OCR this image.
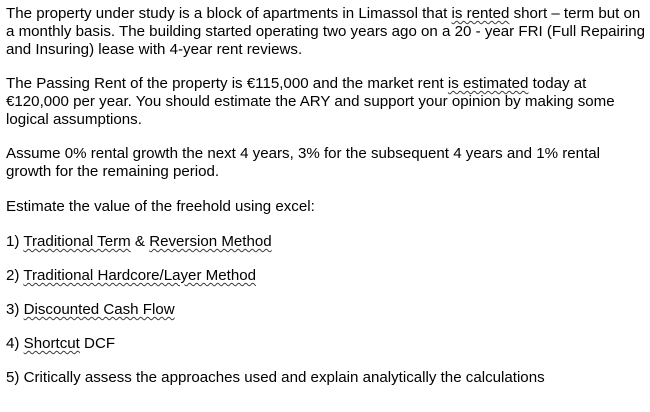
The property under study is a block of apartments in Limassol that is rented short – term but on a monthly basis. The building started operating two years ago on a 20 - year FRI (Full Repairing and Insuring) lease with 4-year rent reviews.

The Passing Rent of the property is €115,000 and the market rent is estimated today at €120,000 per year. You should estimate the ARY and support your opinion by making some logical assumptions.

Assume 0% rental growth the next 4 years, 3% for the subsequent 4 years and 1% rental growth for the remaining period.

Estimate the value of the freehold using excel:

1) Traditional Term & Reversion Method
2) Traditional Hardcore/Layer Method
3) Discounted Cash Flow
4) Shortcut DCF
5) Critically assess the approaches used and explain analytically the calculations
